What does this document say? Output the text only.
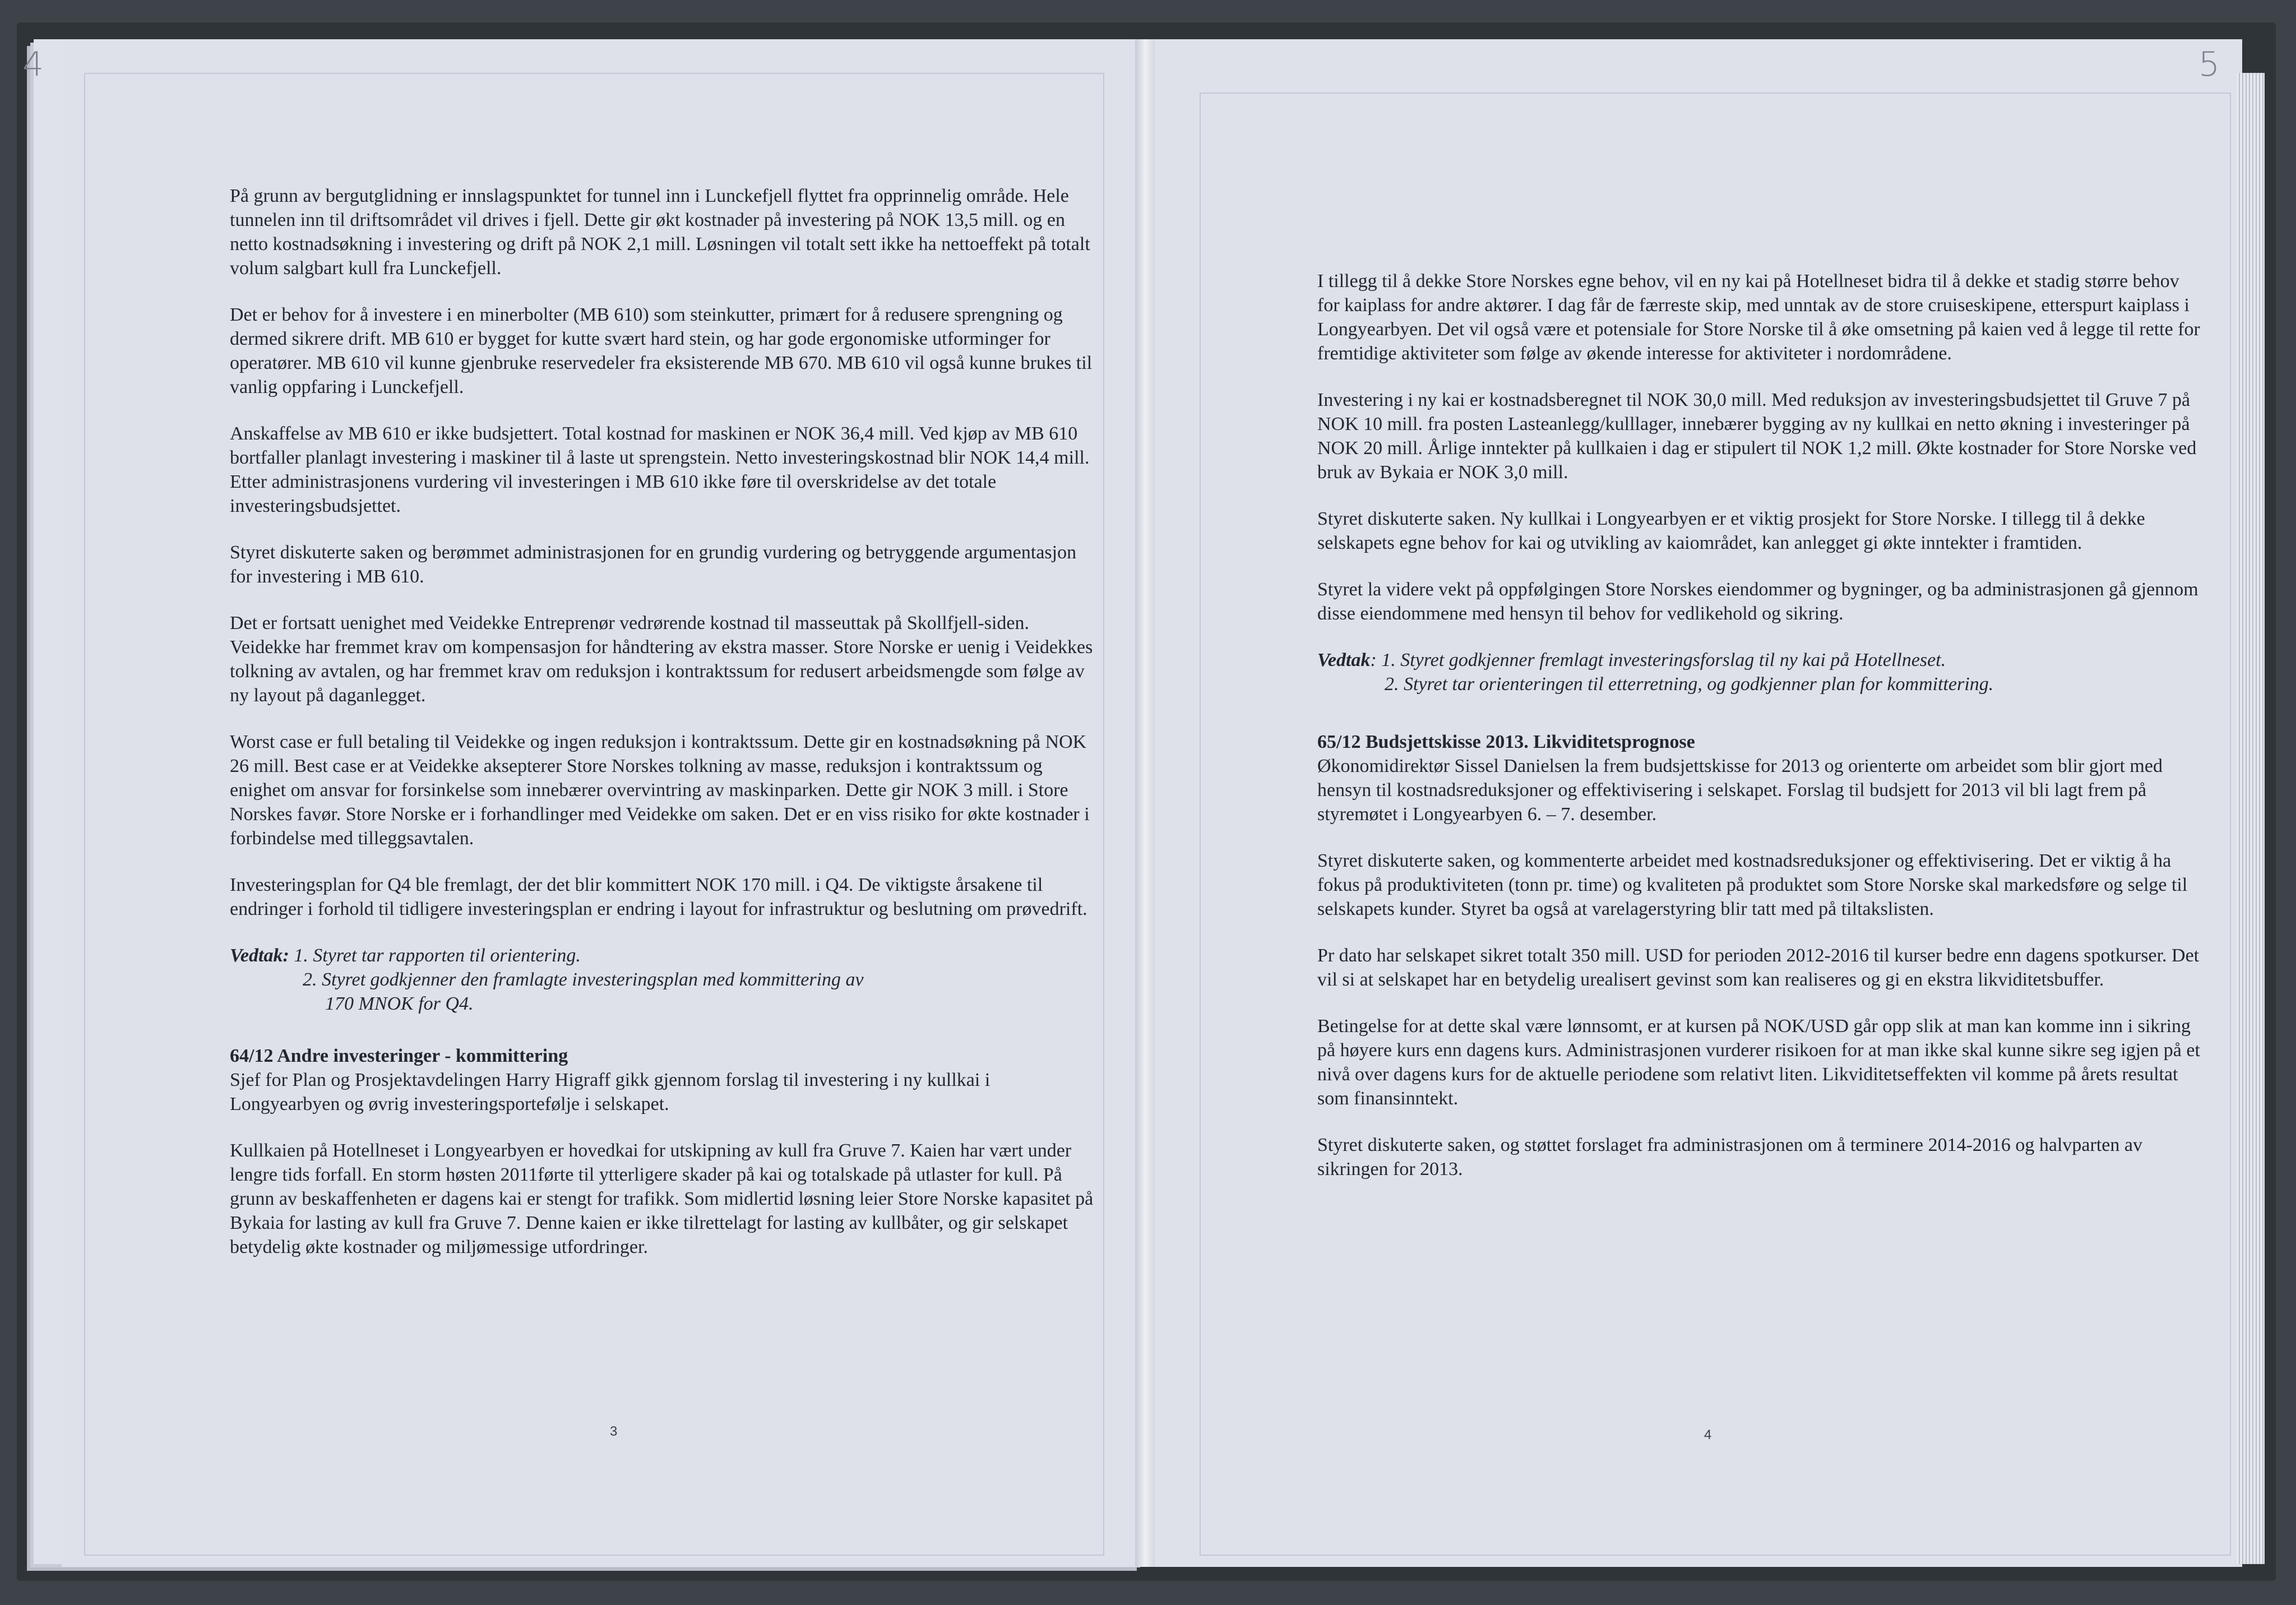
4

På grunn av bergutglidning er innslagspunktet for tunnel inn i Lunckefjell flyttet fra opprinnelig område. Hele tunnelen inn til driftsområdet vil drives i fjell. Dette gir økt kostnader på investering på NOK 13,5 mill. og en netto kostnadsøkning i investering og drift på NOK 2,1 mill. Løsningen vil totalt sett ikke ha nettoeffekt på totalt volum salgbart kull fra Lunckefjell.

Det er behov for å investere i en minerbolter (MB 610) som steinkutter, primært for å redusere sprengning og dermed sikrere drift. MB 610 er bygget for kutte svært hard stein, og har gode ergonomiske utforminger for operatører. MB 610 vil kunne gjenbruke reservedeler fra eksisterende MB 670. MB 610 vil også kunne brukes til vanlig oppfaring i Lunckefjell.

Anskaffelse av MB 610 er ikke budsjettert. Total kostnad for maskinen er NOK 36,4 mill. Ved kjøp av MB 610 bortfaller planlagt investering i maskiner til å laste ut sprengstein. Netto investeringskostnad blir NOK 14,4 mill. Etter administrasjonens vurdering vil investeringen i MB 610 ikke føre til overskridelse av det totale investeringsbudsjettet.

Styret diskuterte saken og berømmet administrasjonen for en grundig vurdering og betryggende argumentasjon for investering i MB 610.

Det er fortsatt uenighet med Veidekke Entreprenør vedrørende kostnad til masseuttak på Skollfjell-siden. Veidekke har fremmet krav om kompensasjon for håndtering av ekstra masser. Store Norske er uenig i Veidekkes tolkning av avtalen, og har fremmet krav om reduksjon i kontraktssum for redusert arbeidsmengde som følge av ny layout på daganlegget.

Worst case er full betaling til Veidekke og ingen reduksjon i kontraktssum. Dette gir en kostnadsøkning på NOK 26 mill. Best case er at Veidekke aksepterer Store Norskes tolkning av masse, reduksjon i kontraktssum og enighet om ansvar for forsinkelse som innebærer overvintring av maskinparken. Dette gir NOK 3 mill. i Store Norskes favør. Store Norske er i forhandlinger med Veidekke om saken. Det er en viss risiko for økte kostnader i forbindelse med tilleggsavtalen.

Investeringsplan for Q4 ble fremlagt, der det blir kommittert NOK 170 mill. i Q4. De viktigste årsakene til endringer i forhold til tidligere investeringsplan er endring i layout for infrastruktur og beslutning om prøvedrift.

Vedtak: 1. Styret tar rapporten til orientering.
2. Styret godkjenner den framlagte investeringsplan med kommittering av
170 MNOK for Q4.
64/12 Andre investeringer - kommittering

Sjef for Plan og Prosjektavdelingen Harry Higraff gikk gjennom forslag til investering i ny kullkai i Longyearbyen og øvrig investeringsportefølje i selskapet.

Kullkaien på Hotellneset i Longyearbyen er hovedkai for utskipning av kull fra Gruve 7. Kaien har vært under lengre tids forfall. En storm høsten 2011førte til ytterligere skader på kai og totalskade på utlaster for kull. På grunn av beskaffenheten er dagens kai er stengt for trafikk. Som midlertid løsning leier Store Norske kapasitet på Bykaia for lasting av kull fra Gruve 7. Denne kaien er ikke tilrettelagt for lasting av kullbåter, og gir selskapet betydelig økte kostnader og miljømessige utfordringer.

3
5

I tillegg til å dekke Store Norskes egne behov, vil en ny kai på Hotellneset bidra til å dekke et stadig større behov for kaiplass for andre aktører. I dag får de færreste skip, med unntak av de store cruiseskipene, etterspurt kaiplass i Longyearbyen. Det vil også være et potensiale for Store Norske til å øke omsetning på kaien ved å legge til rette for fremtidige aktiviteter som følge av økende interesse for aktiviteter i nordområdene.

Investering i ny kai er kostnadsberegnet til NOK 30,0 mill. Med reduksjon av investeringsbudsjettet til Gruve 7 på NOK 10 mill. fra posten Lasteanlegg/kulllager, innebærer bygging av ny kullkai en netto økning i investeringer på NOK 20 mill. Årlige inntekter på kullkaien i dag er stipulert til NOK 1,2 mill. Økte kostnader for Store Norske ved bruk av Bykaia er NOK 3,0 mill.

Styret diskuterte saken. Ny kullkai i Longyearbyen er et viktig prosjekt for Store Norske. I tillegg til å dekke selskapets egne behov for kai og utvikling av kaiområdet, kan anlegget gi økte inntekter i framtiden.

Styret la videre vekt på oppfølgingen Store Norskes eiendommer og bygninger, og ba administrasjonen gå gjennom disse eiendommene med hensyn til behov for vedlikehold og sikring.

Vedtak: 1. Styret godkjenner fremlagt investeringsforslag til ny kai på Hotellneset.
2. Styret tar orienteringen til etterretning, og godkjenner plan for kommittering.
65/12 Budsjettskisse 2013. Likviditetsprognose

Økonomidirektør Sissel Danielsen la frem budsjettskisse for 2013 og orienterte om arbeidet som blir gjort med hensyn til kostnadsreduksjoner og effektivisering i selskapet. Forslag til budsjett for 2013 vil bli lagt frem på styremøtet i Longyearbyen 6. – 7. desember.

Styret diskuterte saken, og kommenterte arbeidet med kostnadsreduksjoner og effektivisering. Det er viktig å ha fokus på produktiviteten (tonn pr. time) og kvaliteten på produktet som Store Norske skal markedsføre og selge til selskapets kunder. Styret ba også at varelagerstyring blir tatt med på tiltakslisten.

Pr dato har selskapet sikret totalt 350 mill. USD for perioden 2012-2016 til kurser bedre enn dagens spotkurser. Det vil si at selskapet har en betydelig urealisert gevinst som kan realiseres og gi en ekstra likviditetsbuffer.

Betingelse for at dette skal være lønnsomt, er at kursen på NOK/USD går opp slik at man kan komme inn i sikring på høyere kurs enn dagens kurs. Administrasjonen vurderer risikoen for at man ikke skal kunne sikre seg igjen på et nivå over dagens kurs for de aktuelle periodene som relativt liten. Likviditetseffekten vil komme på årets resultat som finansinntekt.

Styret diskuterte saken, og støttet forslaget fra administrasjonen om å terminere 2014-2016 og halvparten av sikringen for 2013.

4
